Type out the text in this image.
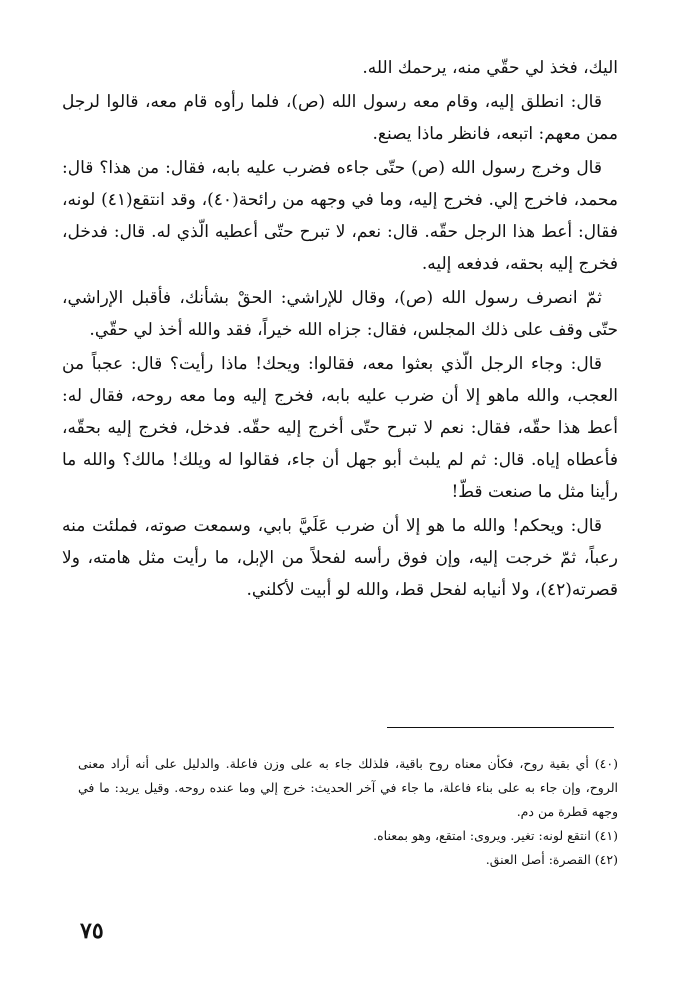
اليك، فخذ لي حقّي منه، يرحمك الله.

قال: انطلق إليه، وقام معه رسول الله (ص)، فلما رأوه قام معه، قالوا لرجل ممن معهم: اتبعه، فانظر ماذا يصنع.

قال وخرج رسول الله (ص) حتّى جاءه فضرب عليه بابه، فقال: من هذا؟ قال: محمد، فاخرج إلي. فخرج إليه، وما في وجهه من رائحة(٤٠)، وقد انتقع(٤١) لونه، فقال: أعط هذا الرجل حقّه. قال: نعم، لا تبرح حتّى أعطيه الّذي له. قال: فدخل، فخرج إليه بحقه، فدفعه إليه.

ثمّ انصرف رسول الله (ص)، وقال للإراشي: الحقْ بشأنك، فأقبل الإراشي، حتّى وقف على ذلك المجلس، فقال: جزاه الله خيراً، فقد والله أخذ لي حقّي.

قال: وجاء الرجل الّذي بعثوا معه، فقالوا: ويحك! ماذا رأيت؟ قال: عجباً من العجب، والله ماهو إلا أن ضرب عليه بابه، فخرج إليه وما معه روحه، فقال له: أعط هذا حقّه، فقال: نعم لا تبرح حتّى أخرج إليه حقّه. فدخل، فخرج إليه بحقّه، فأعطاه إياه. قال: ثم لم يلبث أبو جهل أن جاء، فقالوا له ويلك! مالك؟ والله ما رأينا مثل ما صنعت قطّ!

قال: ويحكم! والله ما هو إلا أن ضرب عَلَيَّ بابي، وسمعت صوته، فملئت منه رعباً، ثمّ خرجت إليه، وإن فوق رأسه لفحلاً من الإبل، ما رأيت مثل هامته، ولا قصرته(٤٢)، ولا أنيابه لفحل قط، والله لو أبيت لأكلني.

(٤٠) أي بقية روح، فكأن معناه روح باقية، فلذلك جاء به على وزن فاعلة. والدليل على أنه أراد معنى الروح، وإن جاء به على بناء فاعلة، ما جاء في آخر الحديث: خرج إلي وما عنده روحه. وقيل يريد: ما في وجهه قطرة من دم.

(٤١) انتقع لونه: تغير. ويروى: امتقع، وهو بمعناه.

(٤٢) القصرة: أصل العنق.

٧٥
